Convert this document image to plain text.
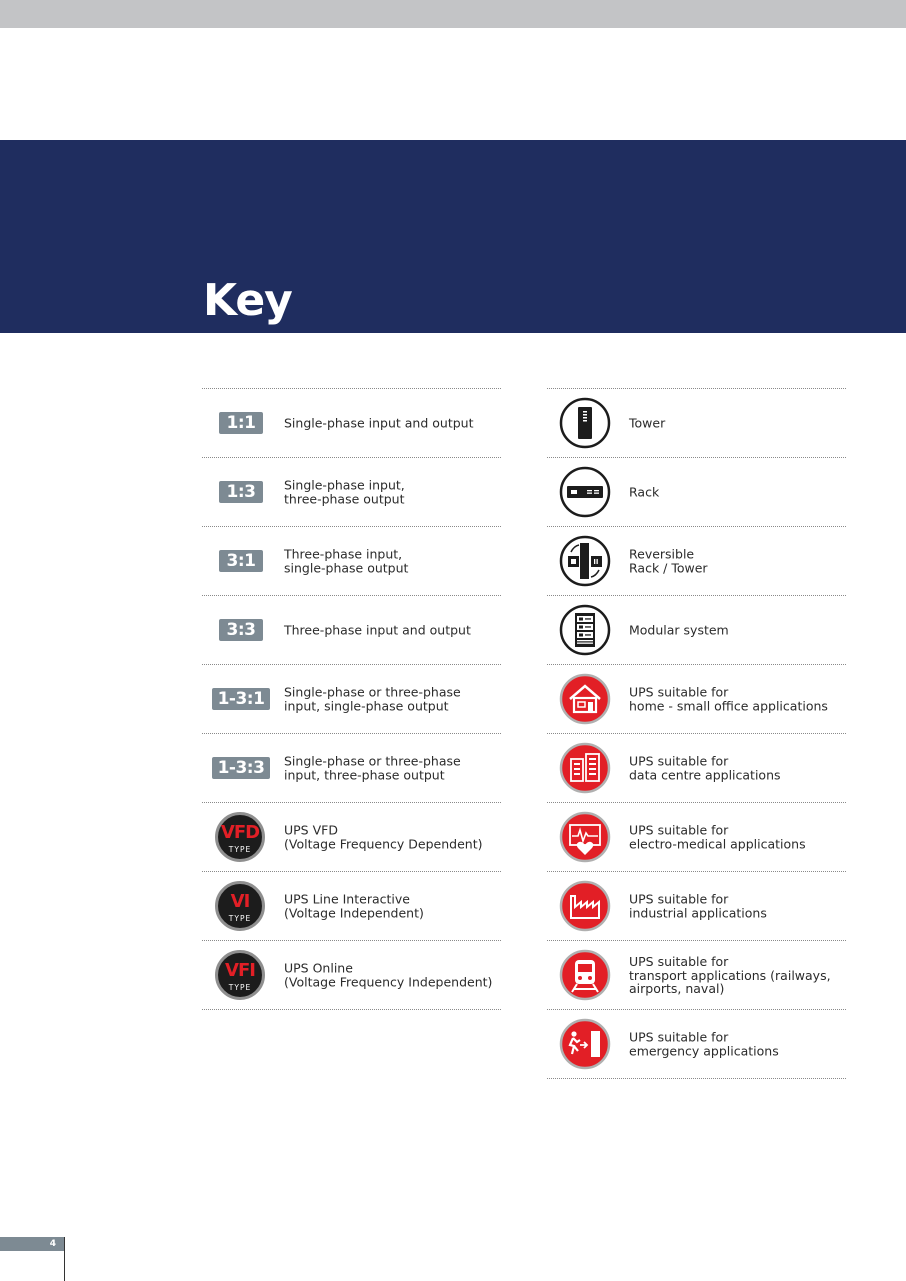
Key
1:1	Single-phase input and output
1:3	Single-phase input,
three-phase output
3:1	Three-phase input,
single-phase output
3:3	Three-phase input and output
1-3:1	Single-phase or three-phase
input, single-phase output
1-3:3	Single-phase or three-phase
input, three-phase output
VFD
TYPE
UPS VFD
(Voltage Frequency Dependent)
VI
TYPE
UPS Line Interactive
(Voltage Independent)
VFI
TYPE
UPS Online
(Voltage Frequency Independent)
Tower
Rack
Reversible
Rack / Tower
Modular system
UPS suitable for
home - small office applications
UPS suitable for
data centre applications
UPS suitable for
electro-medical applications
UPS suitable for
industrial applications
UPS suitable for
transport applications (railways,
airports, naval)
UPS suitable for
emergency applications
4
